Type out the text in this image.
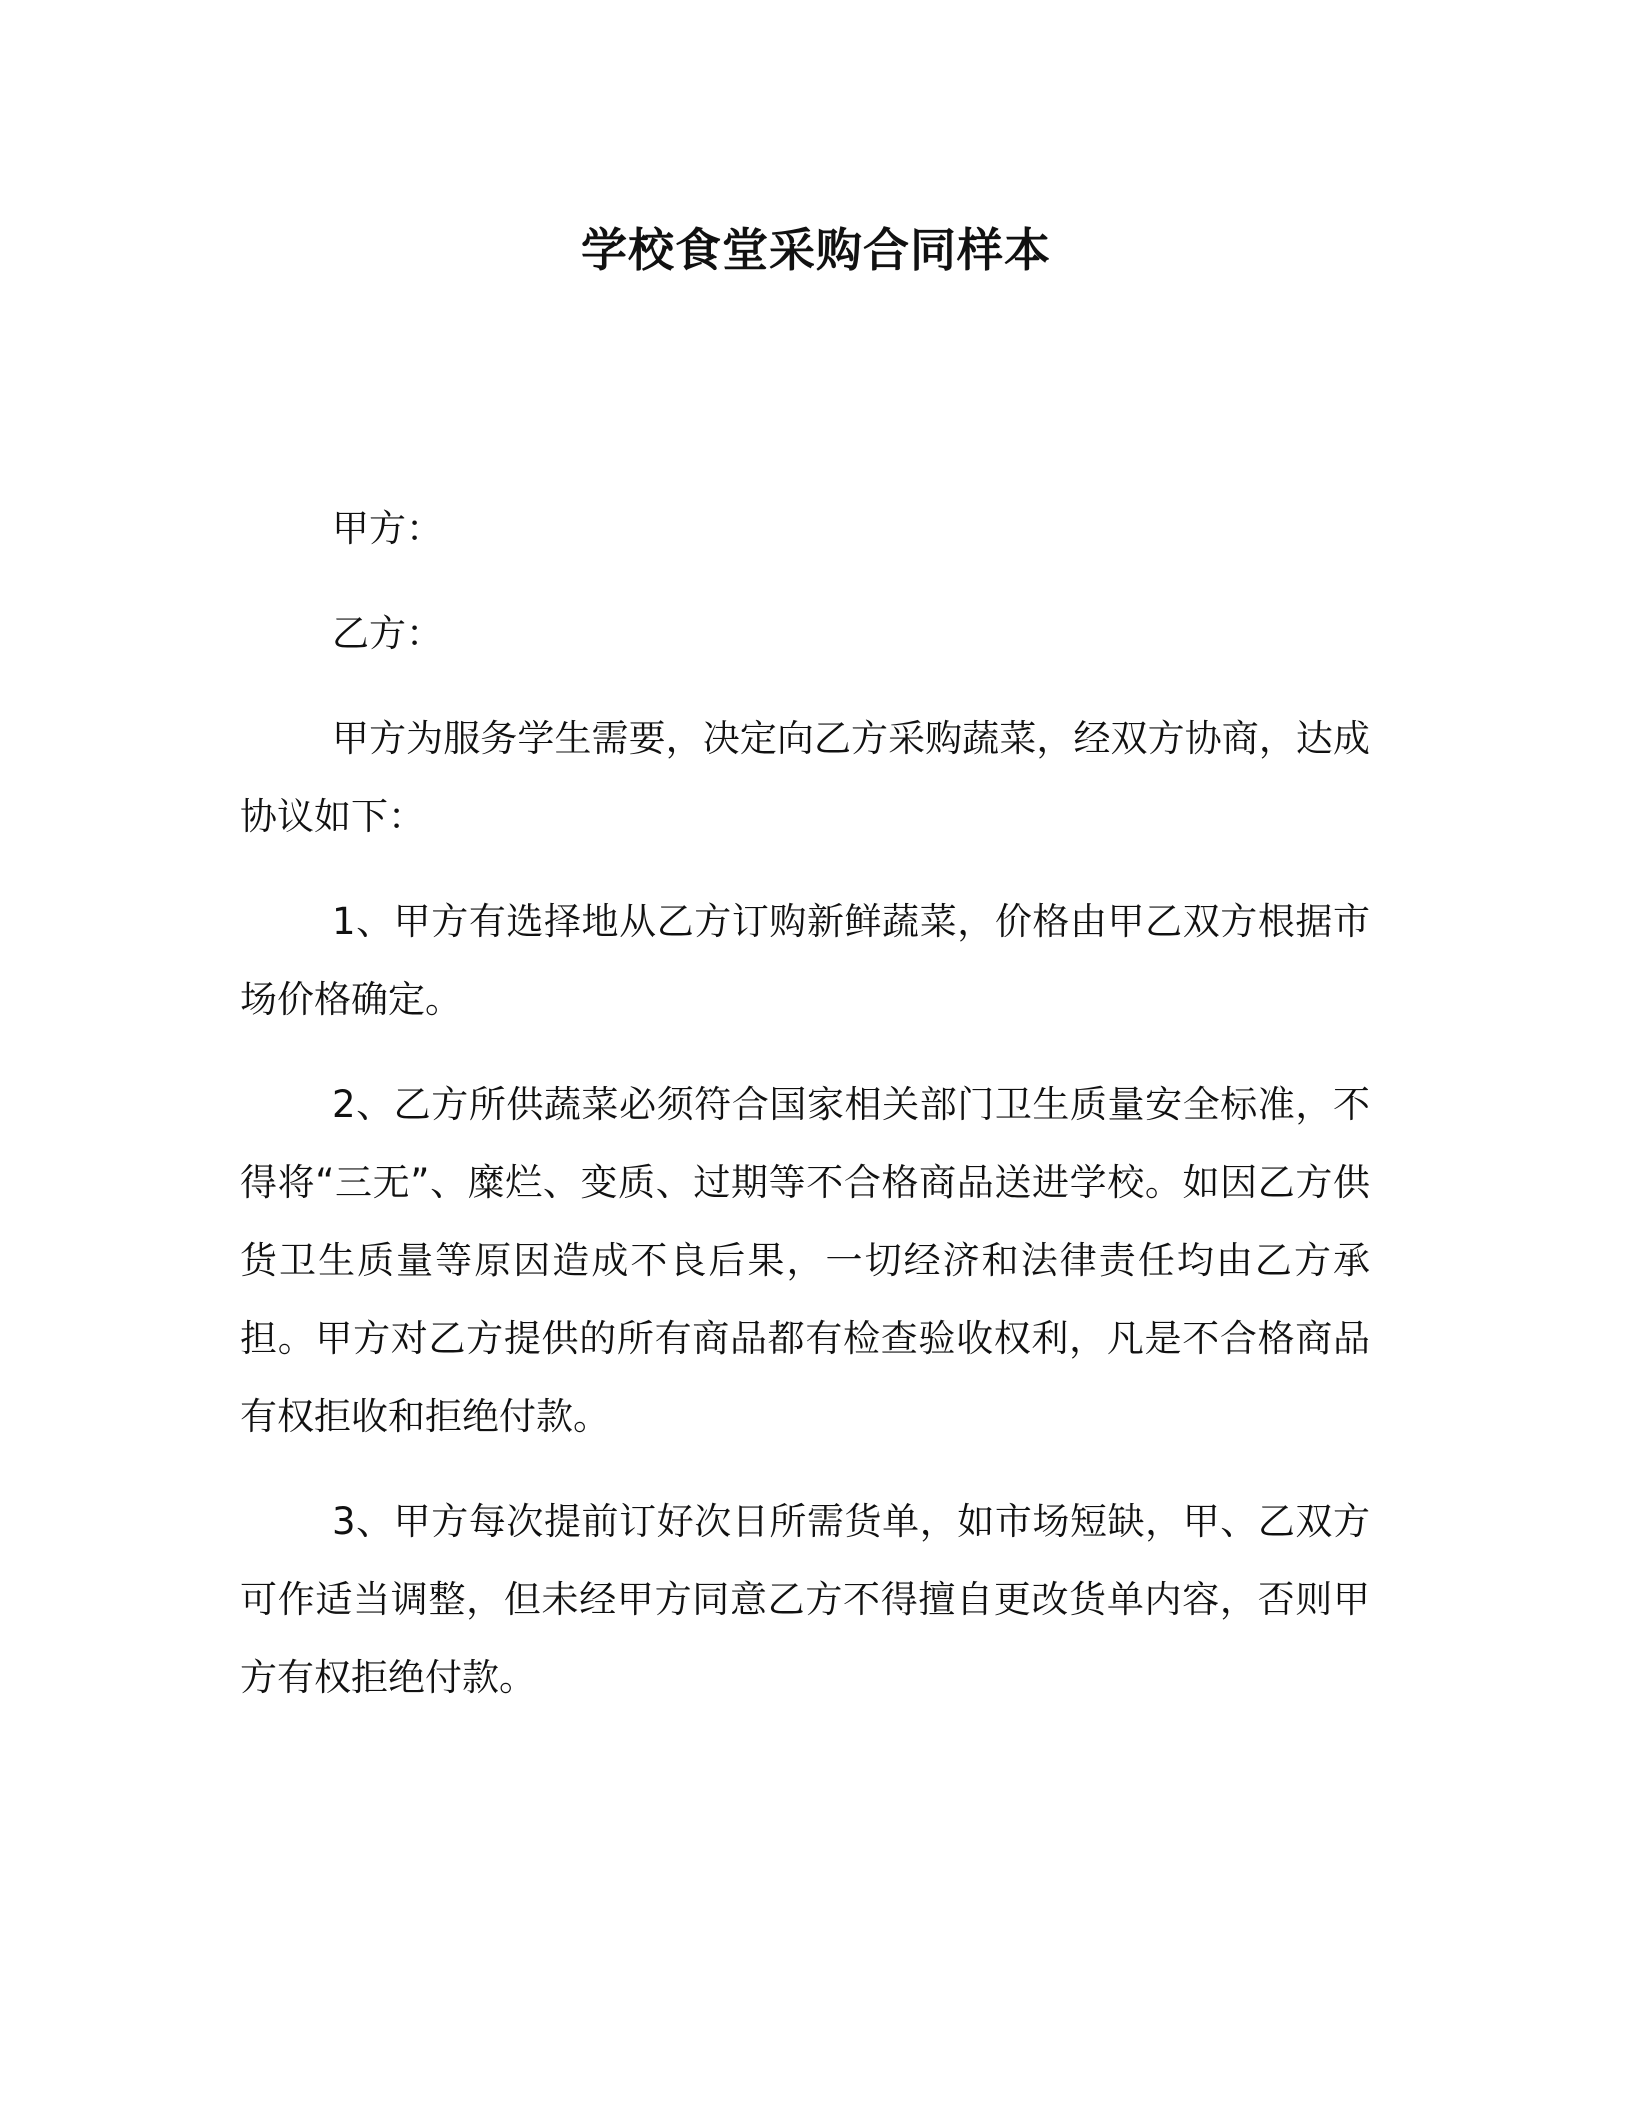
学校食堂采购合同样本

甲方：

乙方：

甲方为服务学生需要，决定向乙方采购蔬菜，经双方协商，达成协议如下：

1、甲方有选择地从乙方订购新鲜蔬菜，价格由甲乙双方根据市场价格确定。

2、乙方所供蔬菜必须符合国家相关部门卫生质量安全标准，不得将“三无”、糜烂、变质、过期等不合格商品送进学校。如因乙方供货卫生质量等原因造成不良后果，一切经济和法律责任均由乙方承担。甲方对乙方提供的所有商品都有检查验收权利，凡是不合格商品有权拒收和拒绝付款。

3、甲方每次提前订好次日所需货单，如市场短缺，甲、乙双方可作适当调整，但未经甲方同意乙方不得擅自更改货单内容，否则甲方有权拒绝付款。
